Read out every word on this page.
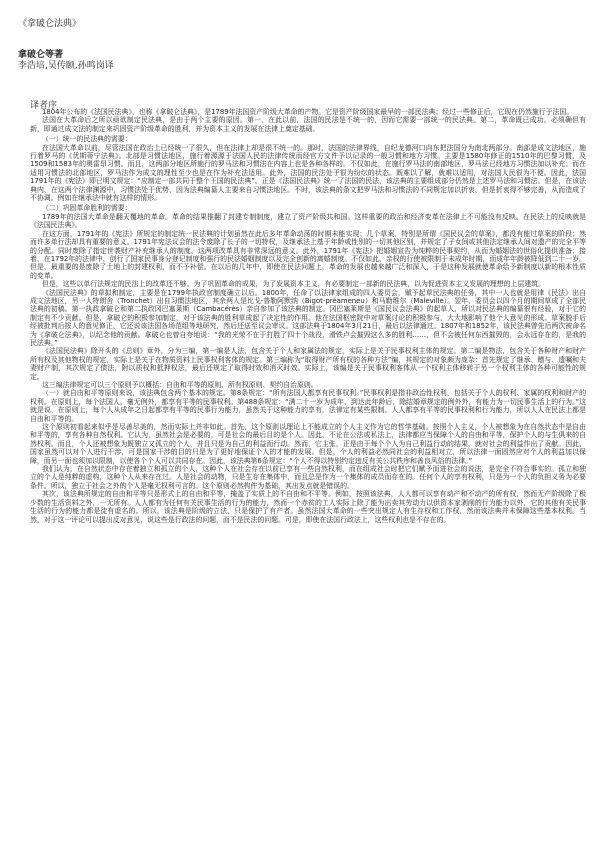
《拿破仑法典》
拿破仑等著
李浩培,吴传颐,孙鸣岗译
译者序

1804年公布的《法国民法典》，也称《拿破仑法典》，是1789年法国资产阶级大革命的产物。它是资产阶级国家最早的一部民法典；经过一些修正后，它现在仍然施行于法国。

法国在大革命后之所以亟欲制定民法典，是由于两个主要的原因。第一，在此以前，法国的民法是不统一的，因而它需要一部统一的民法典。第二，革命既已成功，必须确但有新，即通过成文法的制定来巩固资产阶级革命的胜利，并为资本主义的发展在法律上奠定基础。

（一）统一的民法典的需要：

在法国大革命以前，尽管法国在政治上已经统一了很久，但在法律上却是很不统一的。那时，法国的法律界线，自纪龙德河口向东把法国分为南北两部分。南部是成文法地区，施行着罗马的《优斯蒂宁法典》。北部是习惯法地区，施行着源源于法国人民的法律传统而经官方文件予以记录的一般习惯和地方习惯。主要是1580年修正的1510年的巴黎习惯，及1509和1583年的奥雷昂习惯。而且，这两部分地区所施行的罗马法和习惯法在内容上也是各种各样的。不仅如此，在施行罗马法的南部地区，罗马法已经地方习惯法加以补充；而在适用习惯法的北部地区，罗马法作为成文的理性至少也是在作为补充法适用。此外，法国的民法处于很为纷纭的状态。既难以了解，就难以适用，对法国人民很为不便。因此，法国1791年的《宪法》即已明文规定：“应制定一部共同于整个王国的民法典”。正是《法国民法典》统一了法国的民法，该法典的主要组成部分仍然是上述罗马法和习惯法。但是，在该法典内，在这两个法律渊源中，习惯法处于优势，因为法典编纂人主要来自习惯法地区。不时，该法典的条文把罗马法和习惯法的不同规定加以折衷，但是折衷得不够完善，从而造成了不协调。例如在继承法中就有这样的情形。

（二）巩固革命胜利的需要：

1789年的法国大革命是翻天覆地的革命。革命的结果推翻了封建专制制度，建立了资产阶级共和国。这样重要的政治和经济变革在法律上不可能没有反映。在民法上的反映就是《法国民法典》。

在这方面，1791年的《宪法》所规定的制定统一民法典的计划虽然在此后多年革命动荡的时期未能实现；几个草案，特别是所谓《国民议会的草案》，都没有能过草案的阶段；然而许多单行法却具有重要的意义。1791年宪法议会的法令废除了长子的一切特权，及继承法上基于年龄或性别的一切其他区别，并规定了子女间或其他法定继承人间对遗产的完全平等的分配。同时废除了指定世袭财产补充继承人的制度。这两项改革具有非常深远的意义。此外，1791年《宪法》把婚姻宣告为纯粹的民事契约，从而为婚姻法的世俗化提供准备；接着，在1792年的法律中，创行了国家民事身分登记制度和强行的民法婚姻制度以及完全创新的离婚制度。不仅如此，亲权的行使被限制于未成年时期，而成年年龄被降低到二十一岁。但是，最重要的是废除了土地上的封建权利，而不予补偿。在以后的几年中，即使在民法问题上，革命的发展也越来越广泛和深入，于是这种发展就使革命给予新制度以新的根本性质的变革。

但是，这些以单行法规定的民法上的改革还不够。为了巩固革命的成果，为了发展资本主义，有必要制定一部新的民法典，以为促进资本主义发展的理想的上层建筑。

《法国民法典》的草拟和制定，主要是在1799年执政官制度确立以后。1800年，任命了以法律家组成的四人委员会，赋予起草民法典的任务，其中一人也就是用律《民法》出自成文法地区，另一人特朗舍（Tronchet）出自习惯法地区，其余两人是比戈-普勒阿默纳（Bigot-préameneu）和马勒维尔（Maleville）。翌年，委员会以四个月的期间草成了全部民法典的初稿。第一执政拿破仑和第二执政冈巴塞莱斯（Cambacérès）亲自参加了该法典的制定。冈巴塞莱斯是《国民议会法典》的起草人，所以对民法典的编纂很有经验，对于它的制定有不少贡献。但是，拿破仑的积极参加制定，对于该法典的胜利草成起了决定性的作用。他在法国枢密院中对草案讨论的积极参与，大大地影响了他个人意见的形成。草案脱手后经被批判后按人的意见修正，它还说该法国各场范组等地研究，然后还送至议会审议。这部法典于1804年3月21日，最后以法律通过。1807年和1852年，该民法典曾先后两次被命名为《拿破仑法典》，以纪念他的贡献。拿破仑也曾自夸地说：“我的光荣不在于打胜了四十个战役，滑铁卢会摧毁这么多的胜利……，但不会被任何东西摧毁的，会永远存在的，是我的民法典。”

《法国民法典》除开头的《总则》章外，分为三编，第一编是人法，包含关于个人和家属法的规定，实际上是关于民事权利主体的规定。第二编是物法，包含关于各种财产和财产所有权及其他物权的规定，实际上是关于在物质资料上民事权利客体的规定。第三编称为“取得财产所有权的各种方法”编，其规定的对象颇为庞杂：首先规定了继承、赠与、遗嘱和夫妻财产制，其次规定了债法，附以质权和抵押权法，最后还规定了取得时效和消灭时效。实际上，该编是关于民事权利客体从一个权利主体移转于另一个权利主体的各种可能性的规定。

这三编法律规定可以三个原则予以概括：自由和平等的原则、所有权原则、契约自治原则。

（一）就自由和平等原则来说，该法典包含两个基本的规定。第8条规定：“所有法国人都享有民事权利。”民事权利是指非政治性权利，包括关于个人的权利、家属的权利和财产的权利。在原则上，每个法国人，毫无例外，都享有平等的民事权利。第488条规定：“满二十一岁为成年，到达此年龄后，除结婚章规定的例外外，有能力为一切民事生活上的行为。”这就是说，在原则上，每个人从成年之日起都享有平等的民事行为能力，虽然关于这种能力的享有，法律定有某些限制。人人都享有平等的民事权利和行为能力，所以人人在民法上都是自由和平等的。

这个原则初看起来似乎是尽善尽美的，然而实际上并非如此。首先，这个原则以理论上不能成立的个人主义作为它的哲学基础。按照个人主义，个人被想象为在自然状态中是自由和平等的，享有各种自然权利。它认为，虽然社会是必要的，可是社会的最后目的是个人。因此，不论在公法或私法上，法律都应当保障个人的自由和平等，保护个人的与生俱来的自然权利。而且，个人还被想象为既独立又孤立的个人，并且只是为自己的利益而行动。然而，它主张，正是由于每个个人为自己利益行动的结果，就对社会的利益作出了贡献。因此，国家虽然可以对个人进行干涉，可是国家干涉的目的只是为了更好地保证个人的才能的发展。但是，个人的利益必然同社会的利益相对立，所以法律一面固然应对个人的利益加以保障，而另一面也须加以限制，以使各个个人可以共同存在。因此，该法典第6条规定：“个人不得以特别约定违反有关公共秩序和善良风俗的法律。”

我们认为，在自然状态中存在着独立和孤立的个人，这种个人在社会存在以前已享有一些自然权利，而在组成社会时把它们赋予而进社会的说法，是完全不符合事实的。孤立和独立的个人是纯粹的虚构，这种个人从来存在过。人是社会的动物，只是生存在集体中，而且总是作为一个集体的成员而存在的。任何个人的享有权利，只是为一个人的负担义务为必要条件。所以，独立于社会之外的个人是毫无权利可言的。这个原则必然构件为基础，其出发点就是错误的。

其次，该法典所规定的自由和平等只是形式上的自由和平等，掩盖了实质上的不自由和不平等。例如，按照该法典，人人都可以享有动产和不动产的所有权，然而无产阶级除了极少数的生活资料之外，一无所有。人人都有为任何有关民事生活的行为的能力，然而一个赤贫的工人实际上除了能为出卖其劳动力以供资本家剥削的行为能力以外，它的其他有关民事生活的行为的能力都是徒有虚名的。所以，该法典是阶级的立法，只是保护了有产者。虽然法国大革命的一些突出规定人有生存权和工作权，然而该法典并未保障这些基本权利。当然，对于这一评论可以提出反对意见，说这些是行政法的问题，而不是民法的问题。可是，即使在法国行政法上，这些权利也是不存在的。
